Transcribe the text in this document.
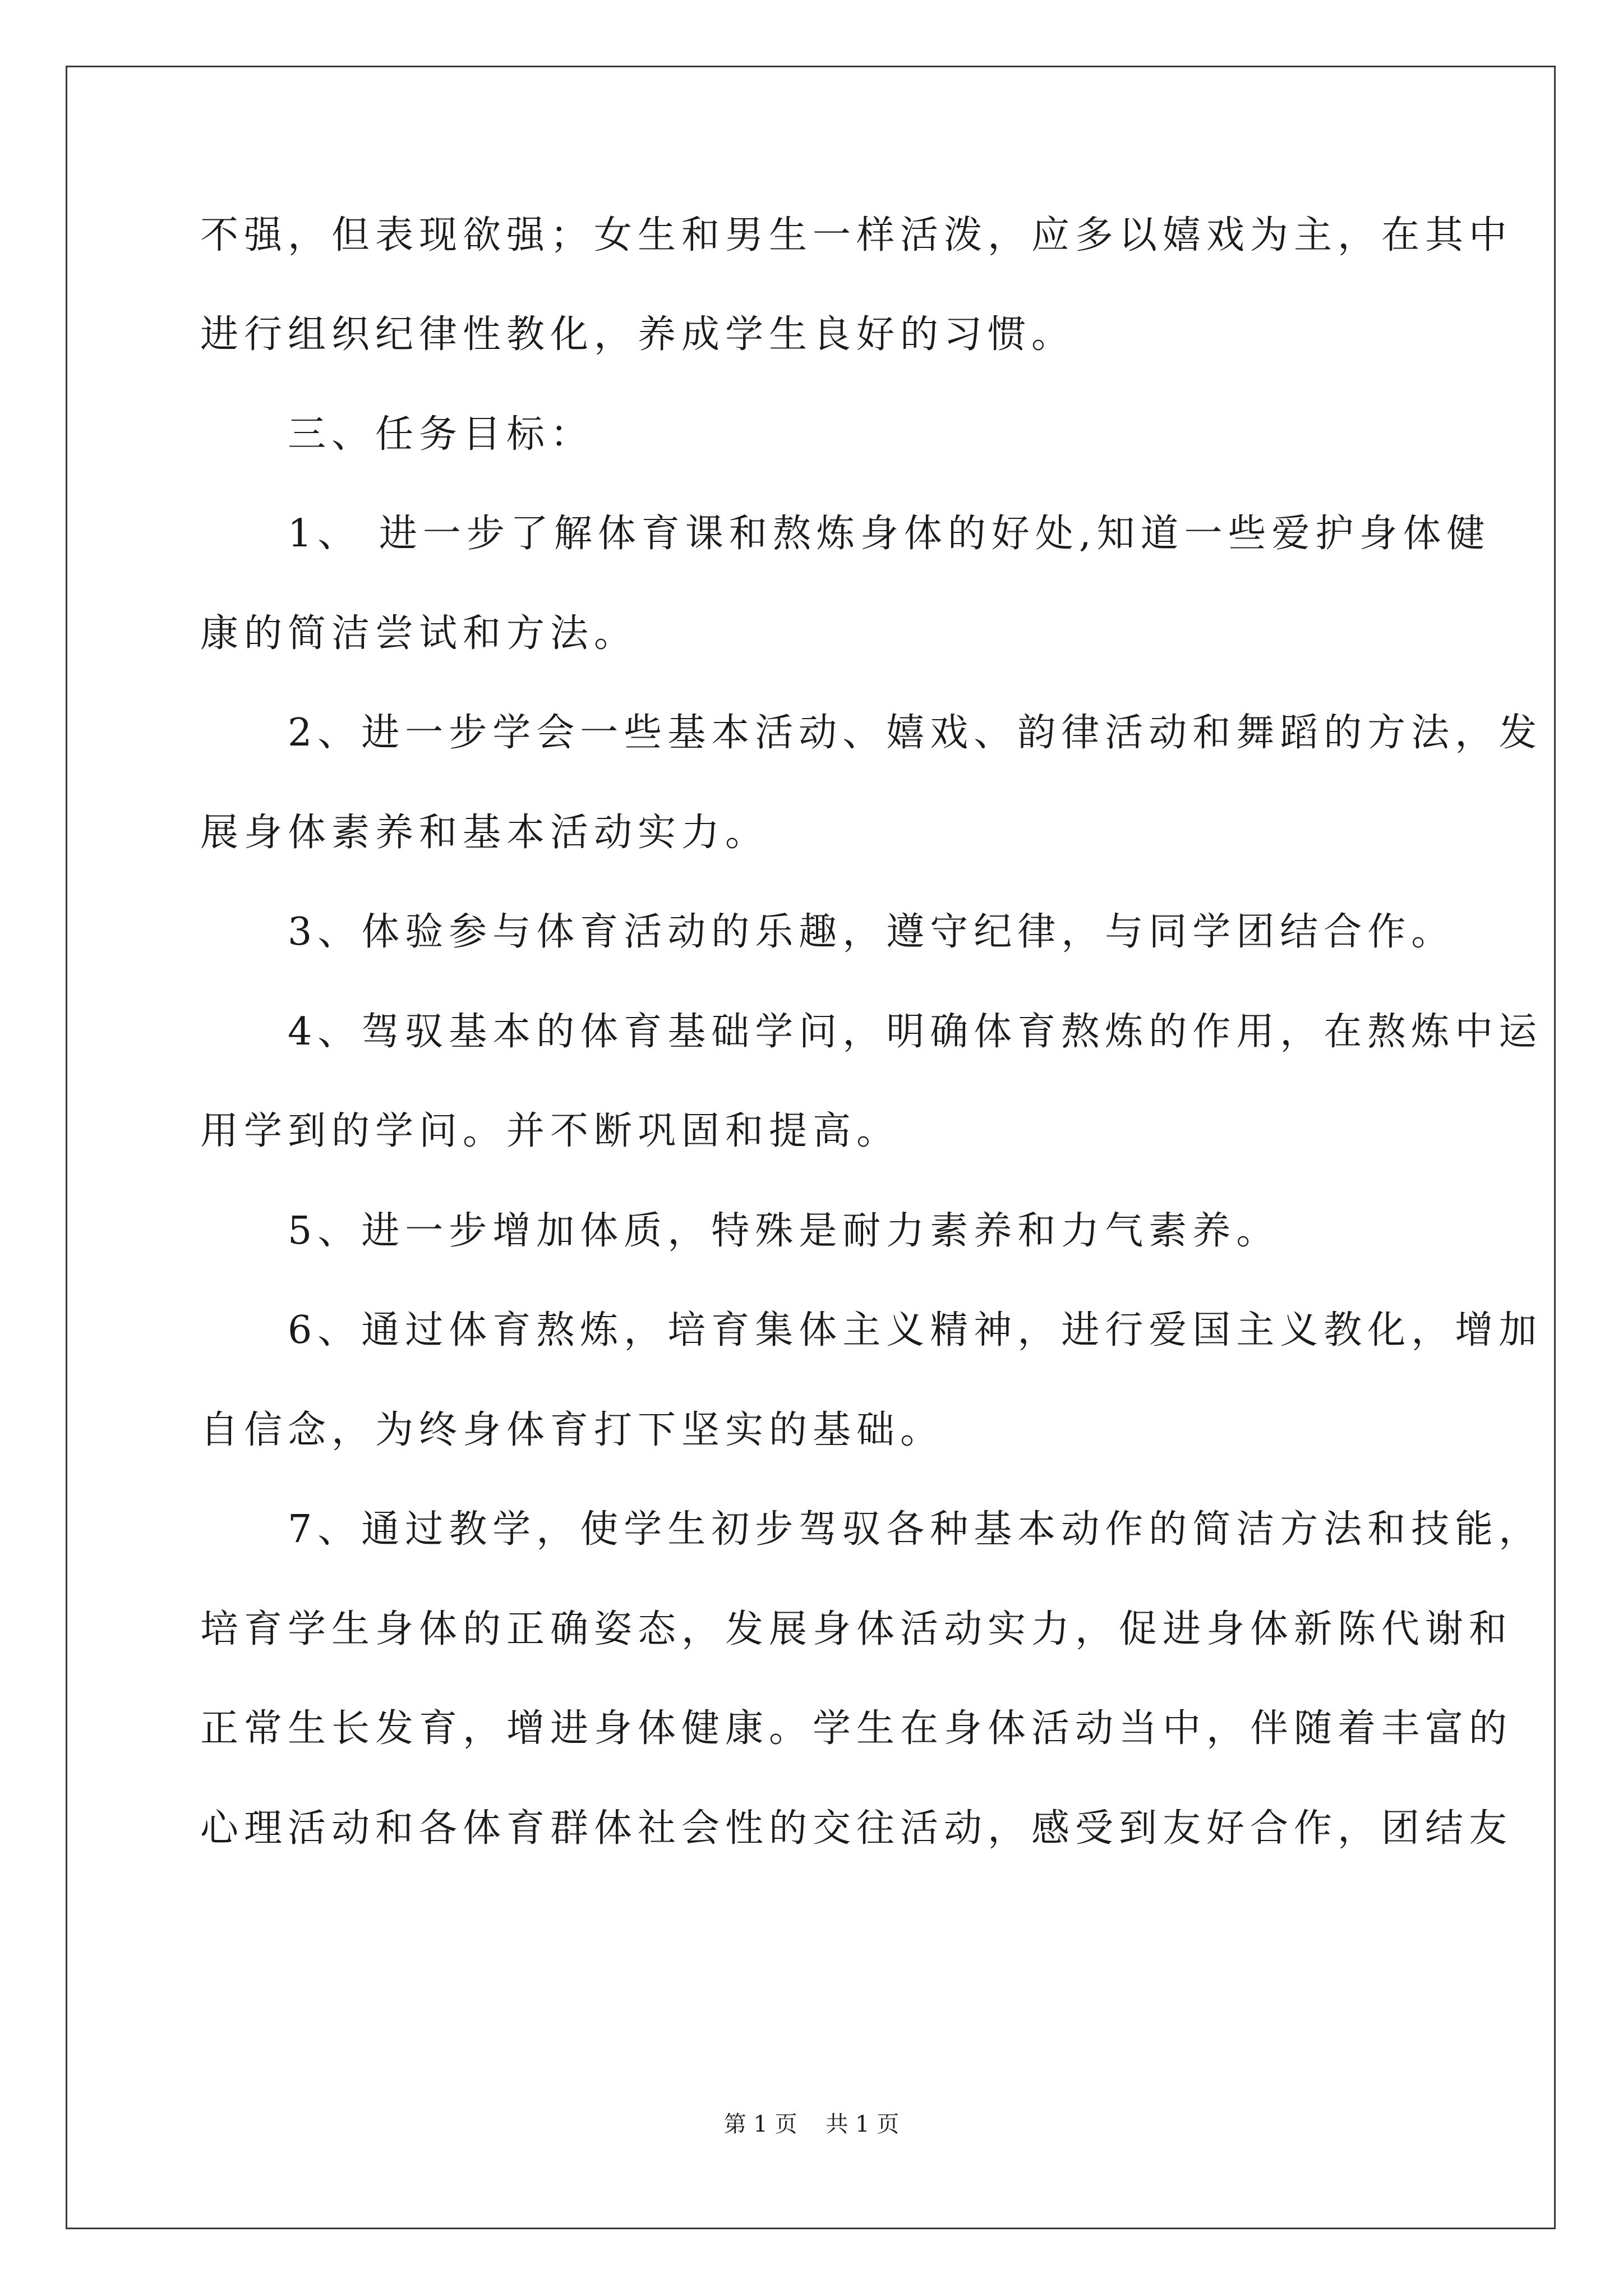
不强，但表现欲强；女生和男生一样活泼，应多以嬉戏为主，在其中
进行组织纪律性教化，养成学生良好的习惯。
　　三、任务目标：
　　1、 进一步了解体育课和熬炼身体的好处,知道一些爱护身体健
康的简洁尝试和方法。
　　2、进一步学会一些基本活动、嬉戏、韵律活动和舞蹈的方法，发
展身体素养和基本活动实力。
　　3、体验参与体育活动的乐趣，遵守纪律，与同学团结合作。
　　4、驾驭基本的体育基础学问，明确体育熬炼的作用，在熬炼中运
用学到的学问。并不断巩固和提高。
　　5、进一步增加体质，特殊是耐力素养和力气素养。
　　6、通过体育熬炼，培育集体主义精神，进行爱国主义教化，增加
自信念，为终身体育打下坚实的基础。
　　7、通过教学，使学生初步驾驭各种基本动作的简洁方法和技能，
培育学生身体的正确姿态，发展身体活动实力，促进身体新陈代谢和
正常生长发育，增进身体健康。学生在身体活动当中，伴随着丰富的
心理活动和各体育群体社会性的交往活动，感受到友好合作，团结友
第 1 页    共 1 页
